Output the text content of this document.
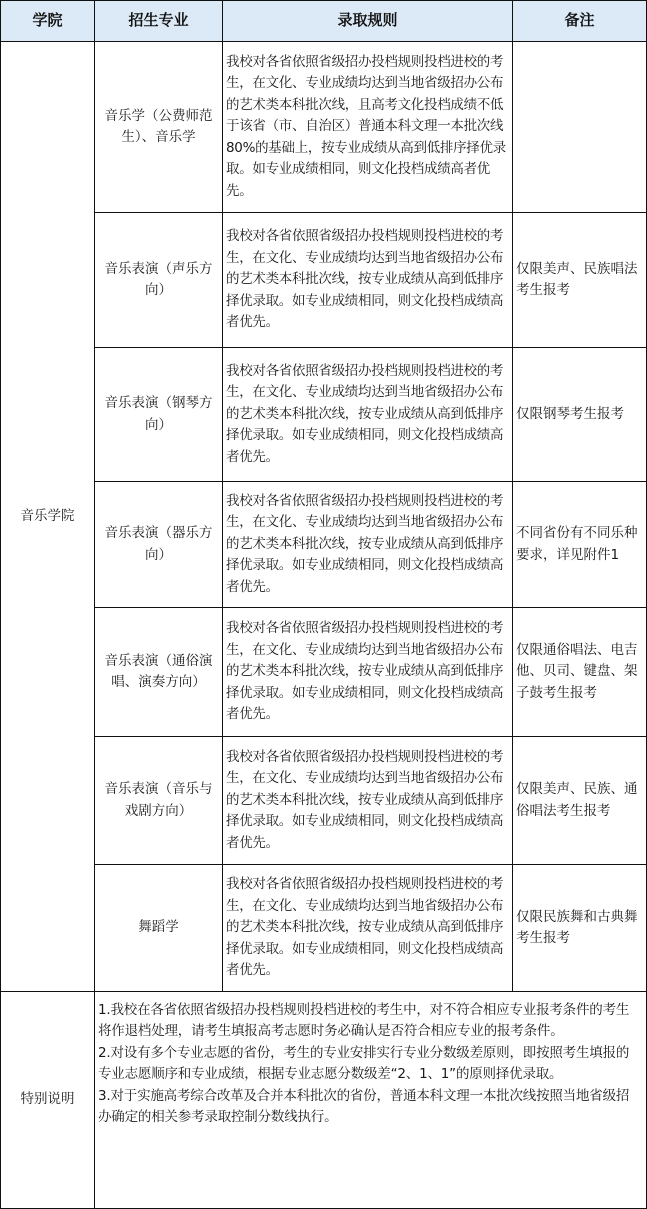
学院	招生专业	录取规则	备注
音乐学院	音乐学（公费师范生）、音乐学	我校对各省依照省级招办投档规则投档进校的考生，在文化、专业成绩均达到当地省级招办公布的艺术类本科批次线，且高考文化投档成绩不低于该省（市、自治区）普通本科文理一本批次线80%的基础上，按专业成绩从高到低排序择优录取。如专业成绩相同，则文化投档成绩高者优先。	
	音乐表演（声乐方向）	我校对各省依照省级招办投档规则投档进校的考生，在文化、专业成绩均达到当地省级招办公布的艺术类本科批次线，按专业成绩从高到低排序择优录取。如专业成绩相同，则文化投档成绩高者优先。	仅限美声、民族唱法考生报考
	音乐表演（钢琴方向）	我校对各省依照省级招办投档规则投档进校的考生，在文化、专业成绩均达到当地省级招办公布的艺术类本科批次线，按专业成绩从高到低排序择优录取。如专业成绩相同，则文化投档成绩高者优先。	仅限钢琴考生报考
	音乐表演（器乐方向）	我校对各省依照省级招办投档规则投档进校的考生，在文化、专业成绩均达到当地省级招办公布的艺术类本科批次线，按专业成绩从高到低排序择优录取。如专业成绩相同，则文化投档成绩高者优先。	不同省份有不同乐种要求，详见附件1
	音乐表演（通俗演唱、演奏方向）	我校对各省依照省级招办投档规则投档进校的考生，在文化、专业成绩均达到当地省级招办公布的艺术类本科批次线，按专业成绩从高到低排序择优录取。如专业成绩相同，则文化投档成绩高者优先。	仅限通俗唱法、电吉他、贝司、键盘、架子鼓考生报考
	音乐表演（音乐与戏剧方向）	我校对各省依照省级招办投档规则投档进校的考生，在文化、专业成绩均达到当地省级招办公布的艺术类本科批次线，按专业成绩从高到低排序择优录取。如专业成绩相同，则文化投档成绩高者优先。	仅限美声、民族、通俗唱法考生报考
	舞蹈学	我校对各省依照省级招办投档规则投档进校的考生，在文化、专业成绩均达到当地省级招办公布的艺术类本科批次线，按专业成绩从高到低排序择优录取。如专业成绩相同，则文化投档成绩高者优先。	仅限民族舞和古典舞考生报考
特别说明	1.我校在各省依照省级招办投档规则投档进校的考生中，对不符合相应专业报考条件的考生将作退档处理，请考生填报高考志愿时务必确认是否符合相应专业的报考条件。

2.对设有多个专业志愿的省份，考生的专业安排实行专业分数级差原则，即按照考生填报的专业志愿顺序和专业成绩，根据专业志愿分数级差“2、1、1”的原则择优录取。

3.对于实施高考综合改革及合并本科批次的省份，普通本科文理一本批次线按照当地省级招办确定的相关参考录取控制分数线执行。		
